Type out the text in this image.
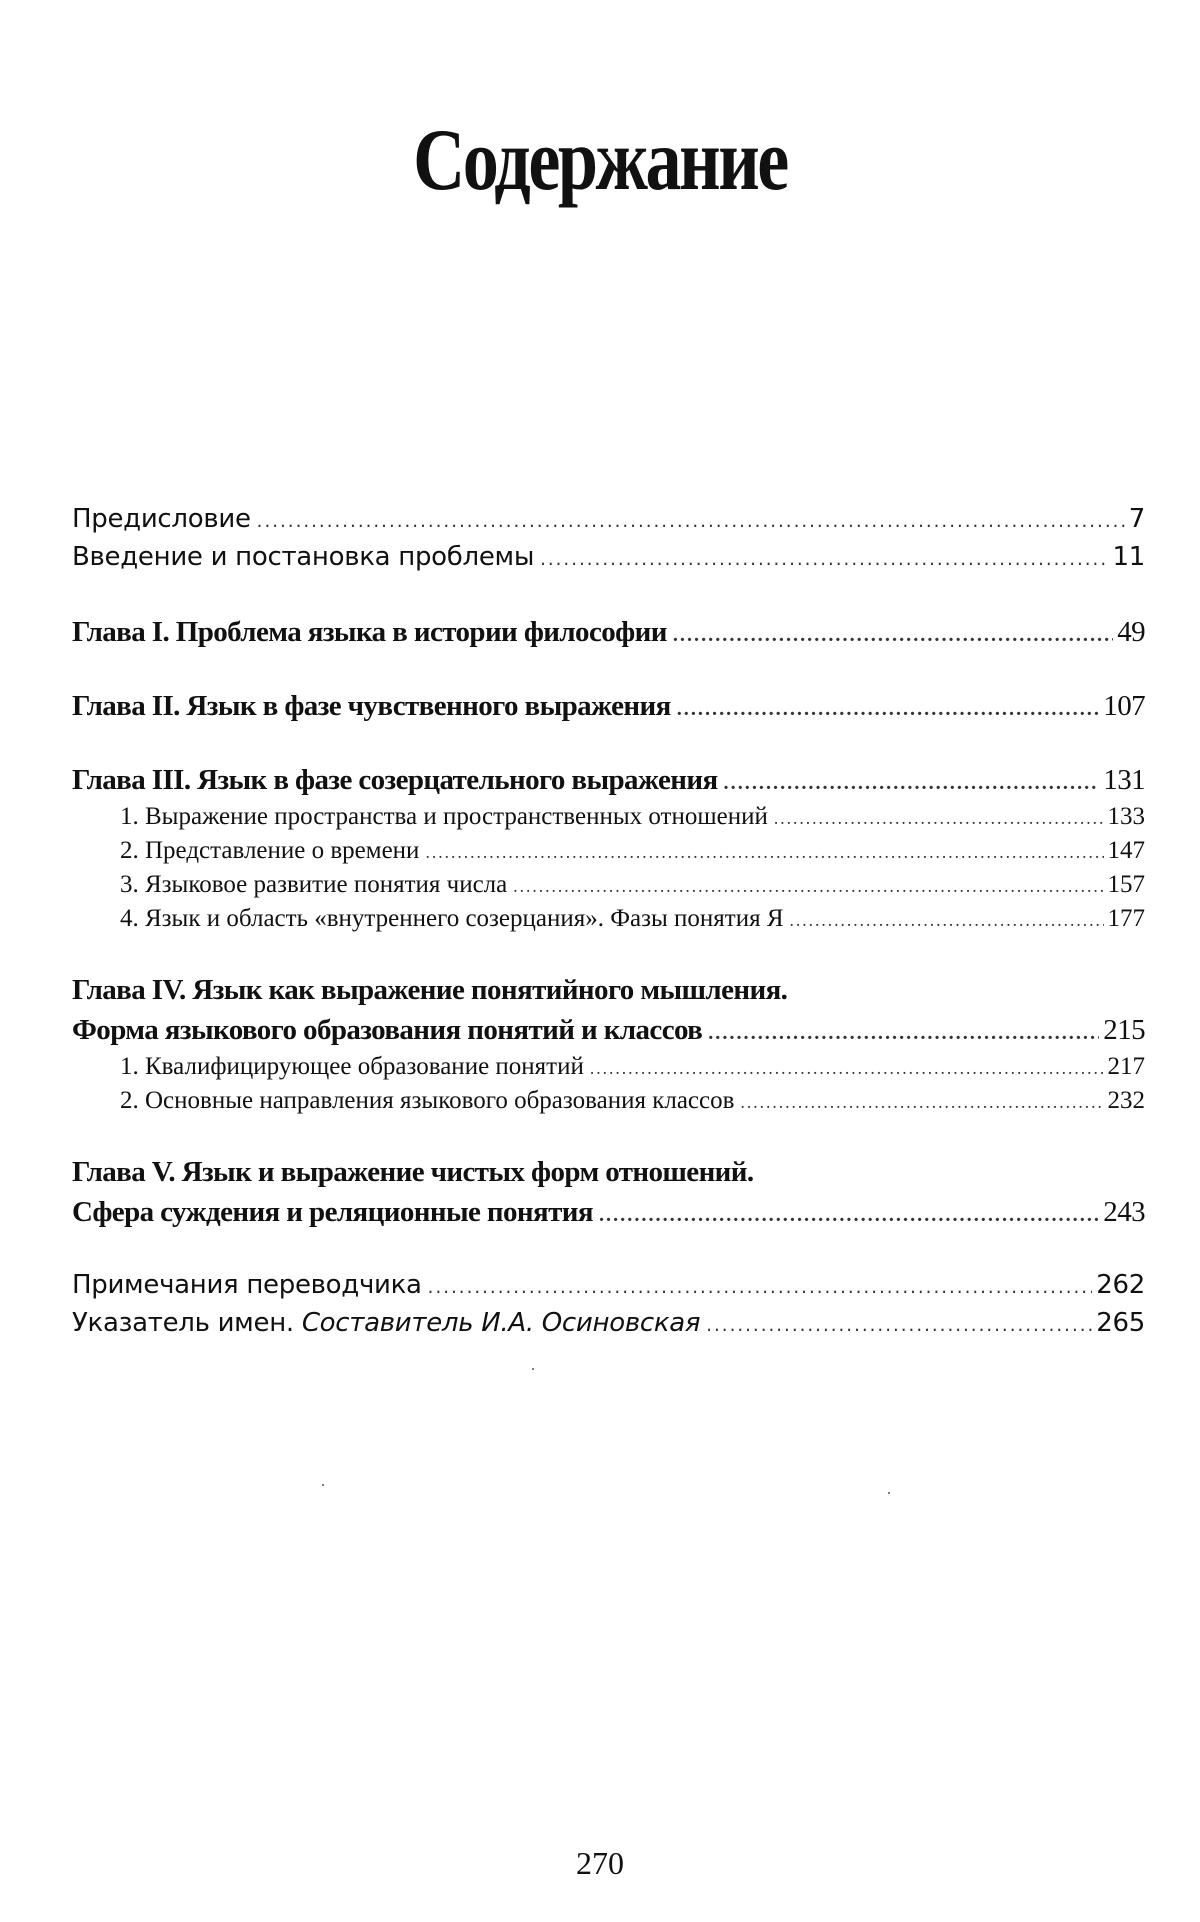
Содержание
Предисловие .....	7
Введение и постановка проблемы .....	11
Глава I. Проблема языка в истории философии .....	49
Глава II. Язык в фазе чувственного выражения .....	107
Глава III. Язык в фазе созерцательного выражения .....	131
1. Выражение пространства и пространственных отношений .....	133
2. Представление о времени .....	147
3. Языковое развитие понятия числа .....	157
4. Язык и область «внутреннего созерцания». Фазы понятия Я .....	177
Глава IV. Язык как выражение понятийного мышления.
Форма языкового образования понятий и классов .....	215
1. Квалифицирующее образование понятий .....	217
2. Основные направления языкового образования классов .....	232
Глава V. Язык и выражение чистых форм отношений.
Сфера суждения и реляционные понятия .....	243
Примечания переводчика .....	262
Указатель имен. Составитель И.А. Осиновская .....	265
270
